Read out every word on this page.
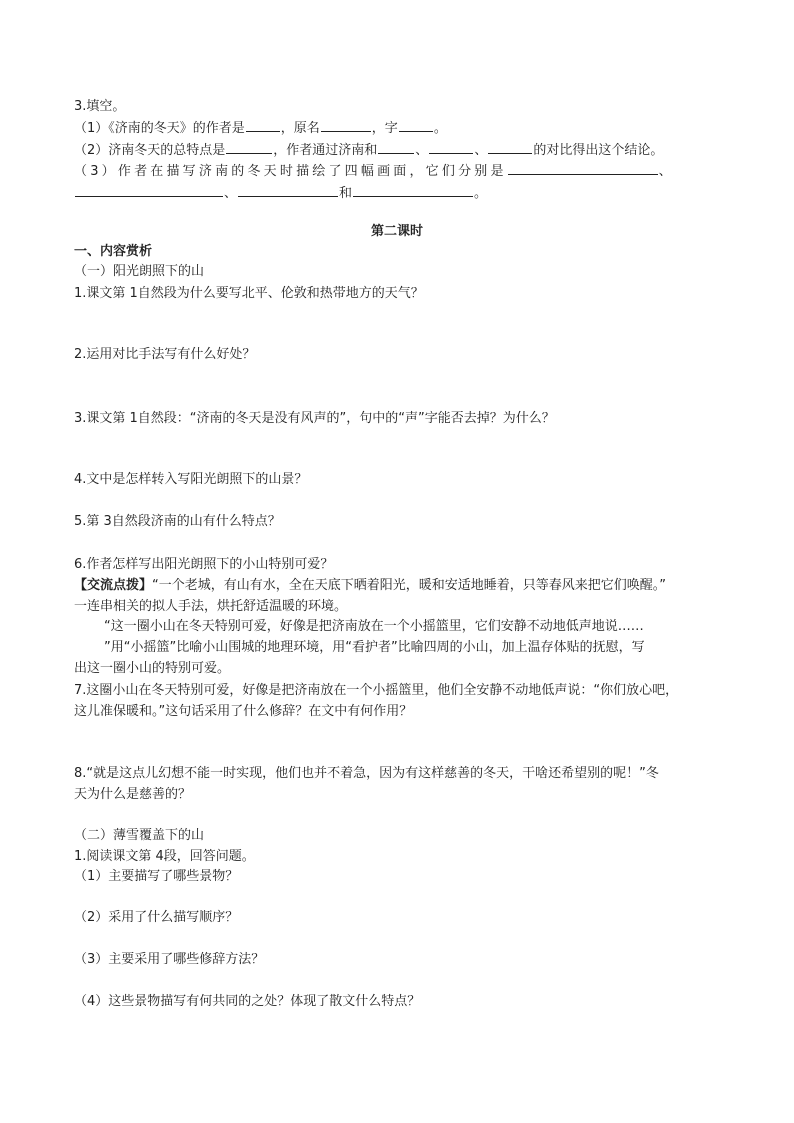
3.填空。
（1）《济南的冬天》的作者是	，原名	，字	。
（2）济南冬天的总特点是	，作者通过济南和	、	、	的对比得出这个结论。
（3）作者在描写济南的冬天时描绘了四幅画面，它们分别是	、
、	和	。
第二课时
一、内容赏析
（一）阳光朗照下的山
1.课文第 1自然段为什么要写北平、伦敦和热带地方的天气？
2.运用对比手法写有什么好处？
3.课文第 1自然段：“济南的冬天是没有风声的”，句中的“声”字能否去掉？为什么？
4.文中是怎样转入写阳光朗照下的山景？
5.第 3自然段济南的山有什么特点？
6.作者怎样写出阳光朗照下的小山特别可爱？
【交流点拨】“一个老城，有山有水，全在天底下晒着阳光，暖和安适地睡着，只等春风来把它们唤醒。”
一连串相关的拟人手法，烘托舒适温暖的环境。
“这一圈小山在冬天特别可爱，好像是把济南放在一个小摇篮里，它们安静不动地低声地说……
”用“小摇篮”比喻小山围城的地理环境，用“看护者”比喻四周的小山，加上温存体贴的抚慰，写
出这一圈小山的特别可爱。
7.这圈小山在冬天特别可爱，好像是把济南放在一个小摇篮里，他们全安静不动地低声说：“你们放心吧，
这儿准保暖和。”这句话采用了什么修辞？在文中有何作用？
8.“就是这点儿幻想不能一时实现，他们也并不着急，因为有这样慈善的冬天，干啥还希望别的呢！”冬
天为什么是慈善的？
（二）薄雪覆盖下的山
1.阅读课文第 4段，回答问题。
（1）主要描写了哪些景物？
（2）采用了什么描写顺序？
（3）主要采用了哪些修辞方法？
（4）这些景物描写有何共同的之处？体现了散文什么特点？
